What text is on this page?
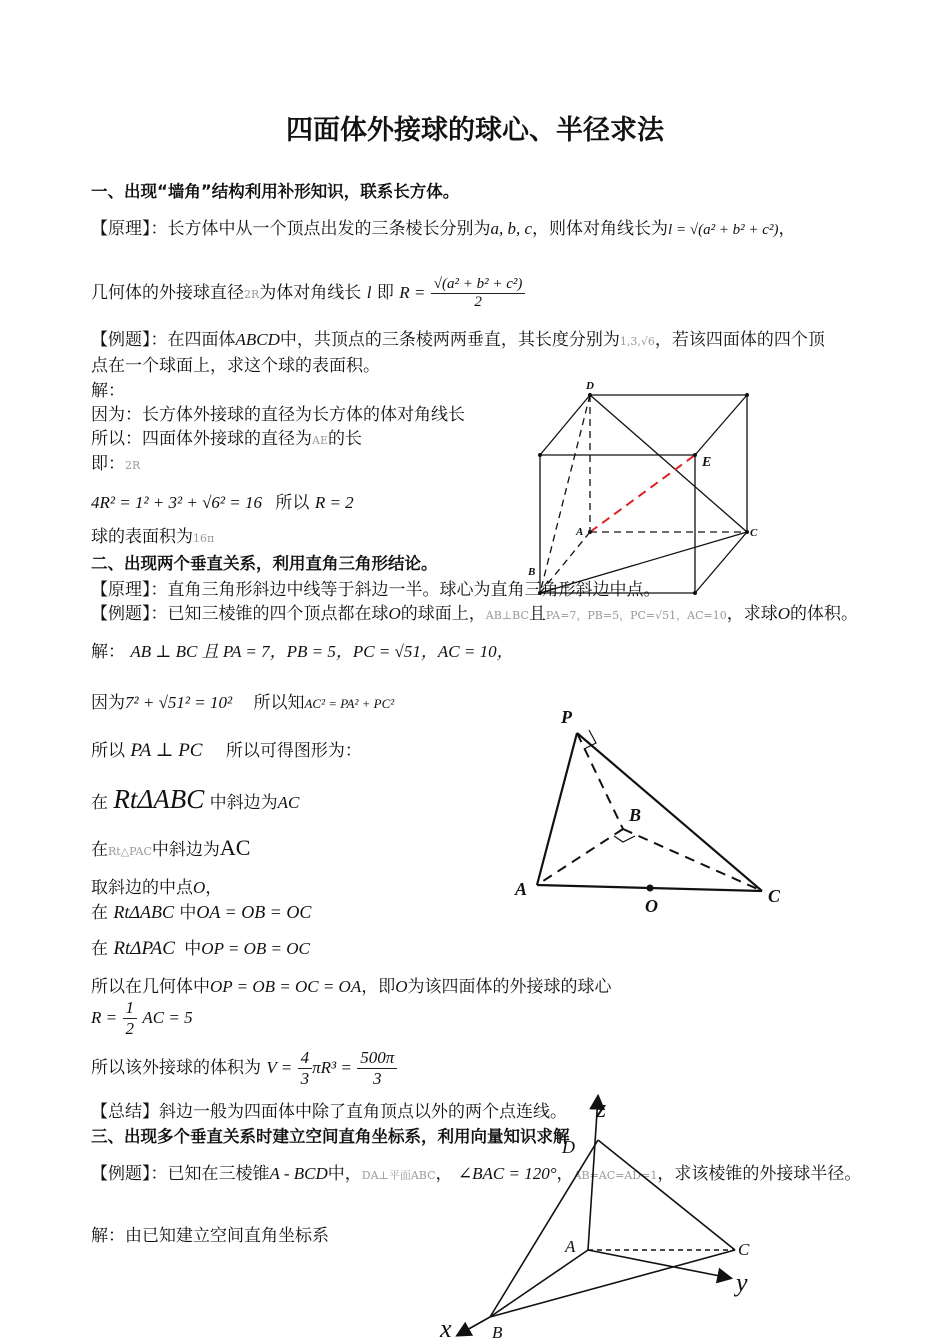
四面体外接球的球心、半径求法
一、出现“墙角”结构利用补形知识，联系长方体。
【原理】：长方体中从一个顶点出发的三条棱长分别为a, b, c，则体对角线长为l = √(a² + b² + c²)，
几何体的外接球直径2R为体对角线长 l 即 $R = \frac{\text{√(a² + b² + c²)}}{2}$
【例题】：在四面体ABCD中，共顶点的三条棱两两垂直，其长度分别为1,3,√6，若该四面体的四个顶
点在一个球面上，求这个球的表面积。
解：
因为：长方体外接球的直径为长方体的体对角线长
所以：四面体外接球的直径为AE的长
即：2R
4R² = 1² + 3² + √6² = 16 所以 R = 2
球的表面积为16π
D
E
A	C
B
二、出现两个垂直关系，利用直角三角形结论。
【原理】：直角三角形斜边中线等于斜边一半。球心为直角三角形斜边中点。
【例题】：已知三棱锥的四个顶点都在球O的球面上，AB⊥BC且PA=7，PB=5，PC=√51，AC=10，求球O的体积。
解： AB ⊥ BC 且 PA = 7，PB = 5，PC = √51，AC = 10，
因为7² + √51² = 10² 所以知AC² = PA² + PC²
所以 PA ⊥ PC 所以可得图形为：
在 RtΔABC 中斜边为AC
在Rt△PAC中斜边为AC
取斜边的中点O，
在 RtΔABC 中OA = OB = OC
在 RtΔPAC 中OP = OB = OC
所以在几何体中OP = OB = OC = OA，即O为该四面体的外接球的球心
$R = \frac{1}{2}$ AC = 5
所以该外接球的体积为 $V = \frac{4}{3} \pi R^3 = \frac{500\pi}{3}$
【总结】斜边一般为四面体中除了直角顶点以外的两个点连线。
P
B
A
O	C
三、出现多个垂直关系时建立空间直角坐标系，利用向量知识求解
【例题】：已知在三棱锥A - BCD中，DA⊥平面ABC， ∠BAC = 120°，AB=AC=AD=1，求该棱锥的外接球半径。
解：由已知建立空间直角坐标系
z
D
A	C
y
x B
